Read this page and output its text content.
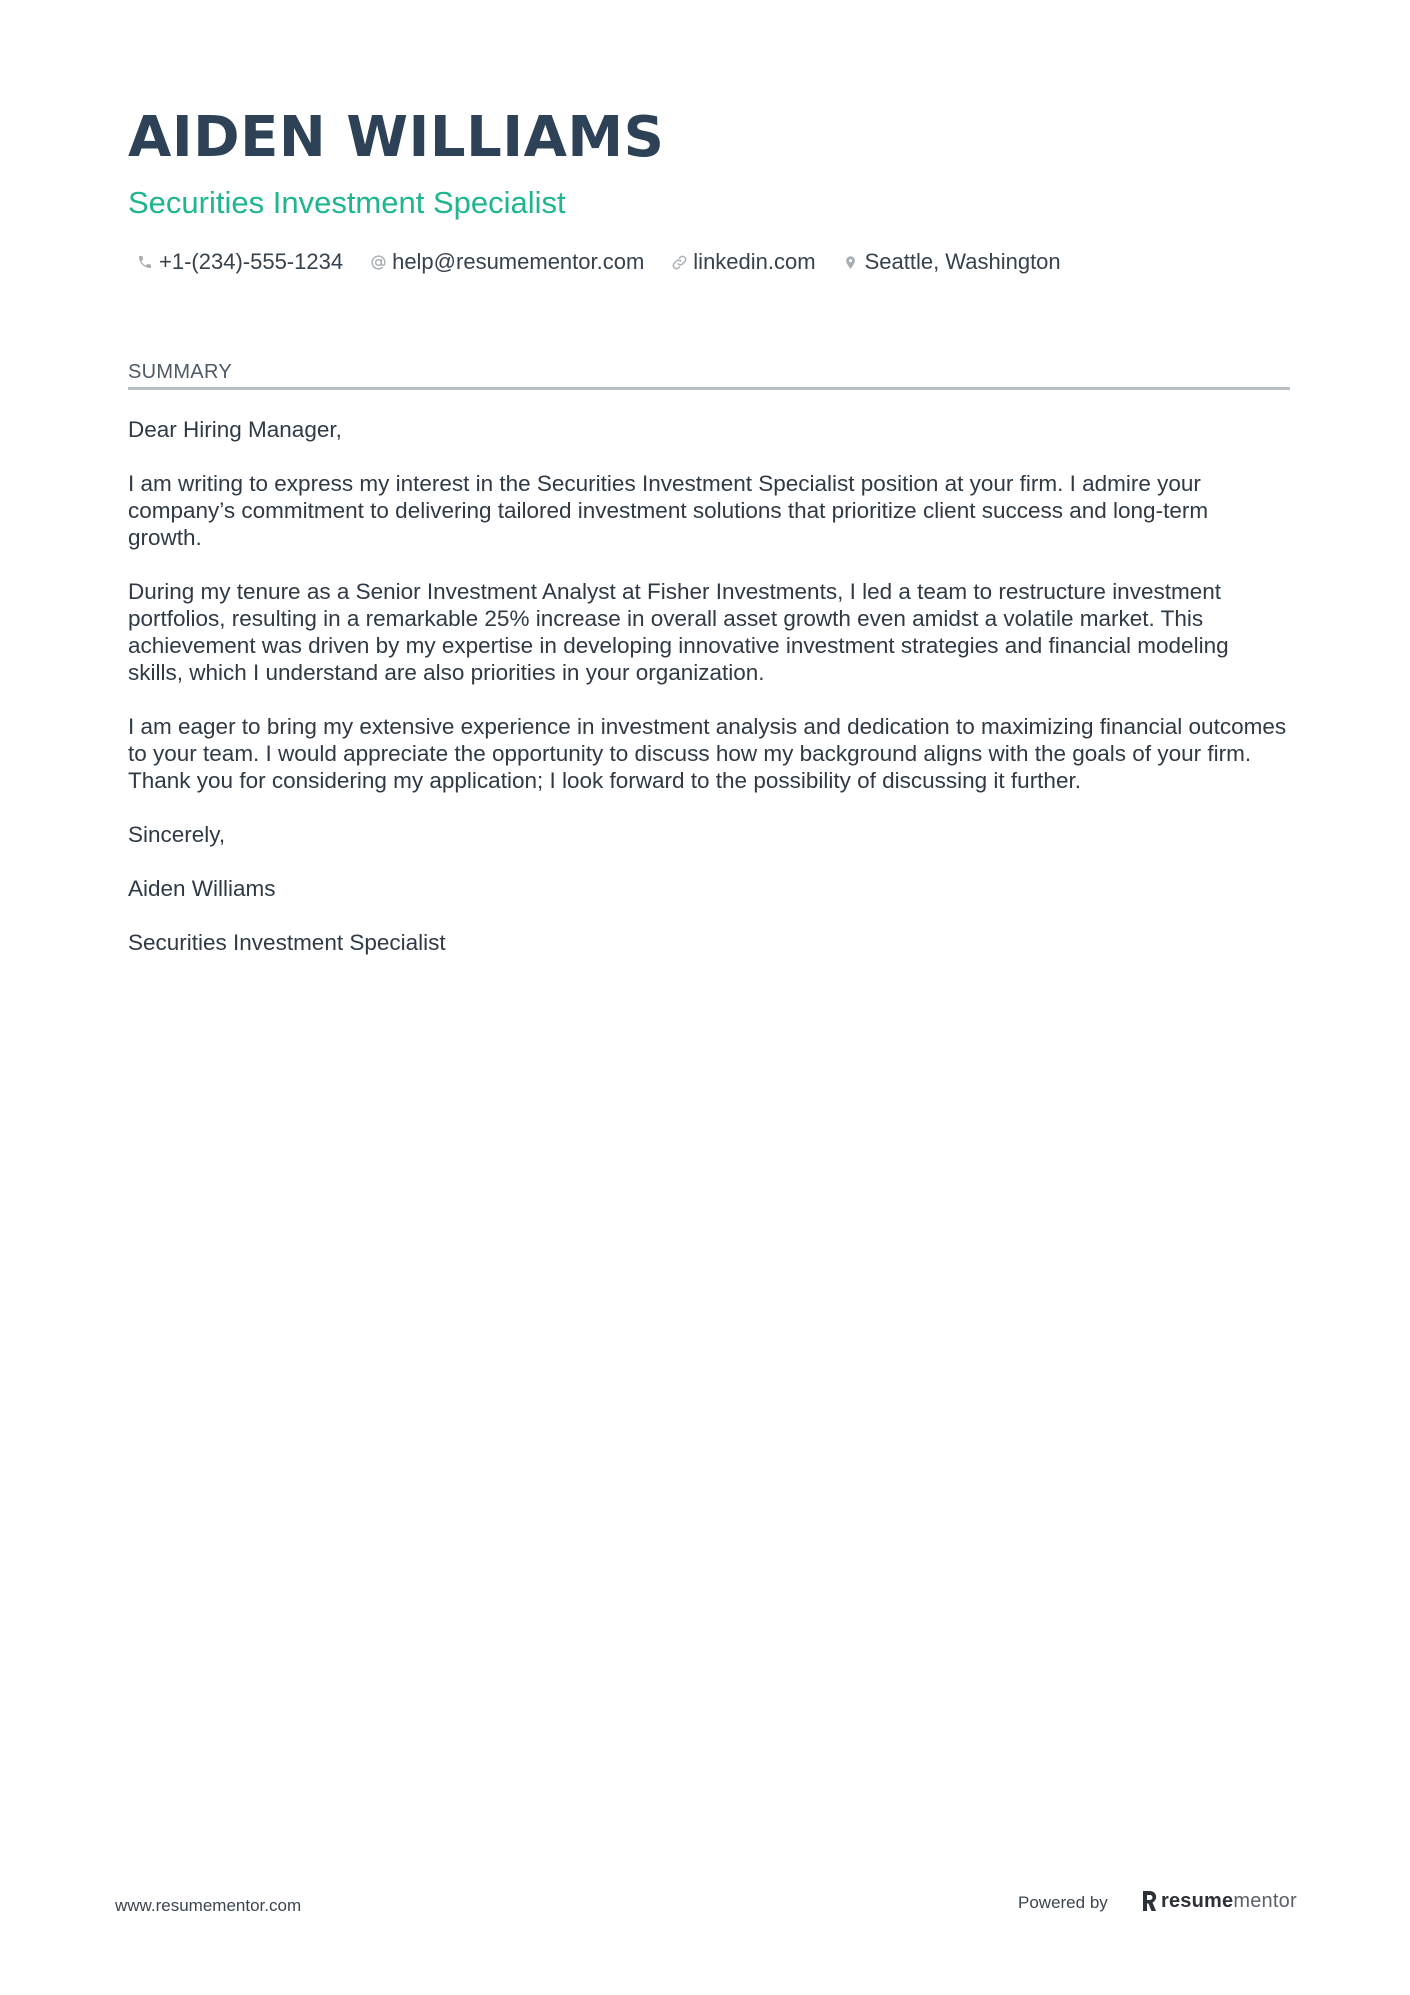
AIDEN WILLIAMS
Securities Investment Specialist
+1-(234)-555-1234 help@resumementor.com linkedin.com Seattle, Washington
SUMMARY

Dear Hiring Manager,

I am writing to express my interest in the Securities Investment Specialist position at your firm. I admire your company’s commitment to delivering tailored investment solutions that prioritize client success and long-term growth.

During my tenure as a Senior Investment Analyst at Fisher Investments, I led a team to restructure investment portfolios, resulting in a remarkable 25% increase in overall asset growth even amidst a volatile market. This achievement was driven by my expertise in developing innovative investment strategies and financial modeling skills, which I understand are also priorities in your organization.

I am eager to bring my extensive experience in investment analysis and dedication to maximizing financial outcomes to your team. I would appreciate the opportunity to discuss how my background aligns with the goals of your firm. Thank you for considering my application; I look forward to the possibility of discussing it further.

Sincerely,

Aiden Williams

Securities Investment Specialist

www.resumementor.com	Powered by	resumementor
